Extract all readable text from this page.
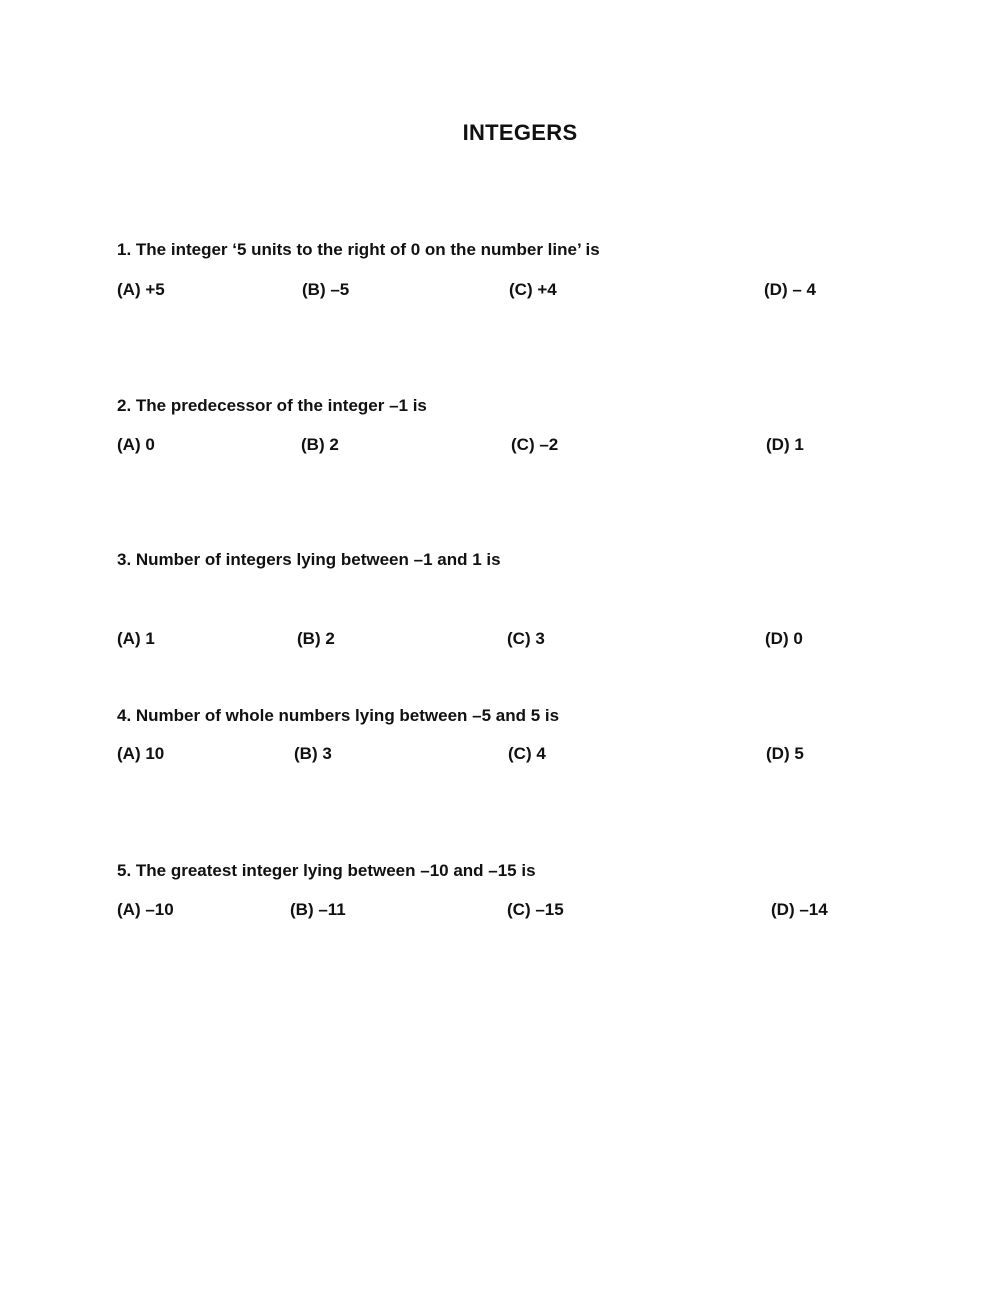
INTEGERS
1. The integer ‘5 units to the right of 0 on the number line’ is
(A) +5	(B) –5	(C) +4	(D) – 4
2. The predecessor of the integer –1 is
(A) 0	(B) 2	(C) –2	(D) 1
3. Number of integers lying between –1 and 1 is
(A) 1	(B) 2	(C) 3	(D) 0
4. Number of whole numbers lying between –5 and 5 is
(A) 10	(B) 3	(C) 4	(D) 5
5. The greatest integer lying between –10 and –15 is
(A) –10	(B) –11	(C) –15	(D) –14
